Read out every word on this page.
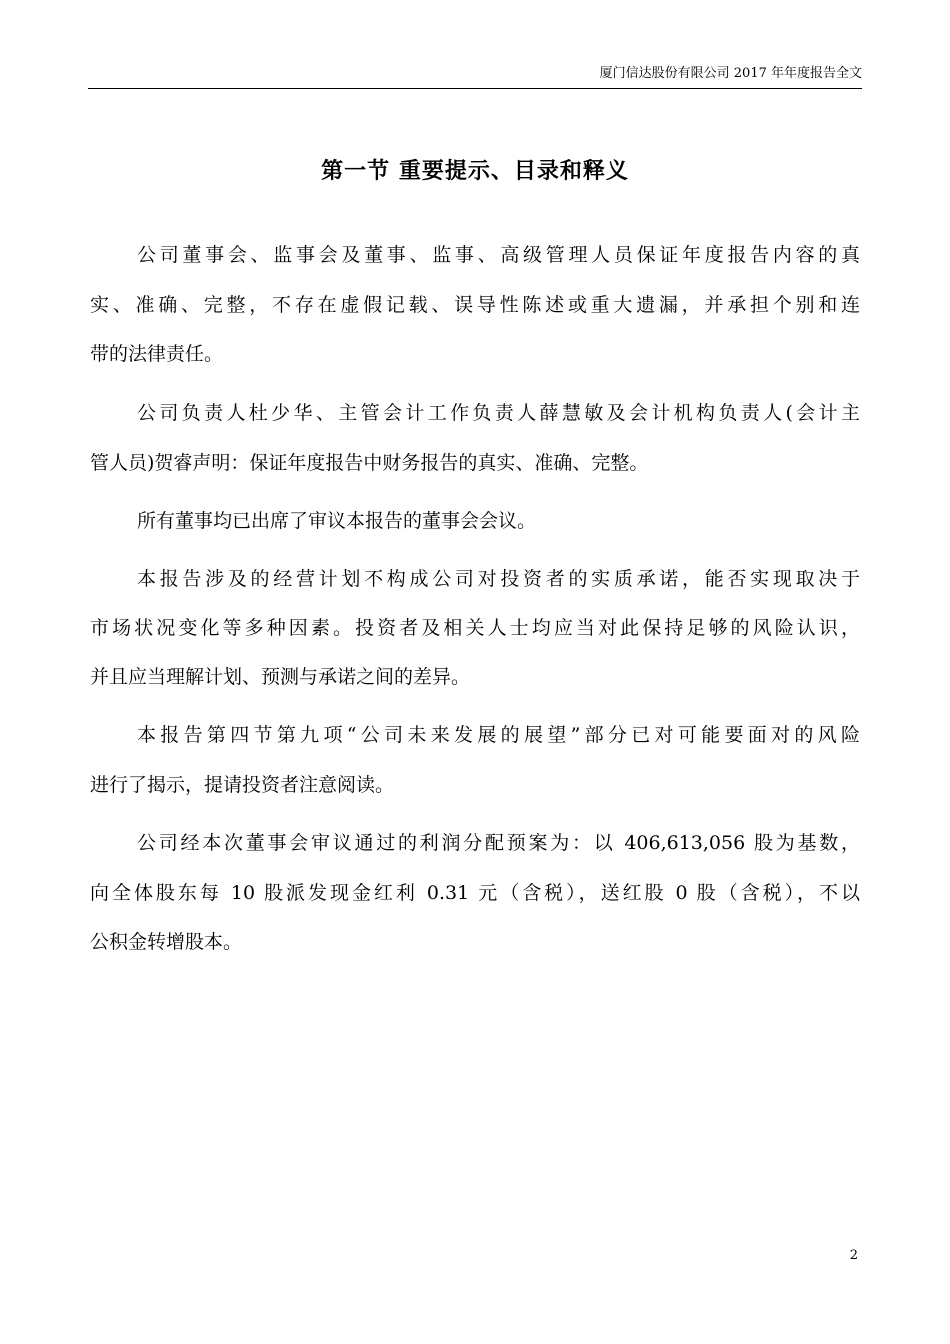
厦门信达股份有限公司 2017 年年度报告全文
第一节 重要提示、目录和释义
公司董事会、监事会及董事、监事、高级管理人员保证年度报告内容的真
实、准确、完整，不存在虚假记载、误导性陈述或重大遗漏，并承担个别和连
带的法律责任。
公司负责人杜少华、主管会计工作负责人薛慧敏及会计机构负责人(会计主
管人员)贺睿声明：保证年度报告中财务报告的真实、准确、完整。
所有董事均已出席了审议本报告的董事会会议。
本报告涉及的经营计划不构成公司对投资者的实质承诺，能否实现取决于
市场状况变化等多种因素。投资者及相关人士均应当对此保持足够的风险认识，
并且应当理解计划、预测与承诺之间的差异。
本报告第四节第九项“公司未来发展的展望”部分已对可能要面对的风险
进行了揭示，提请投资者注意阅读。
公司经本次董事会审议通过的利润分配预案为：以 406,613,056 股为基数，
向全体股东每 10 股派发现金红利 0.31 元（含税），送红股 0 股（含税），不以
公积金转增股本。
2
